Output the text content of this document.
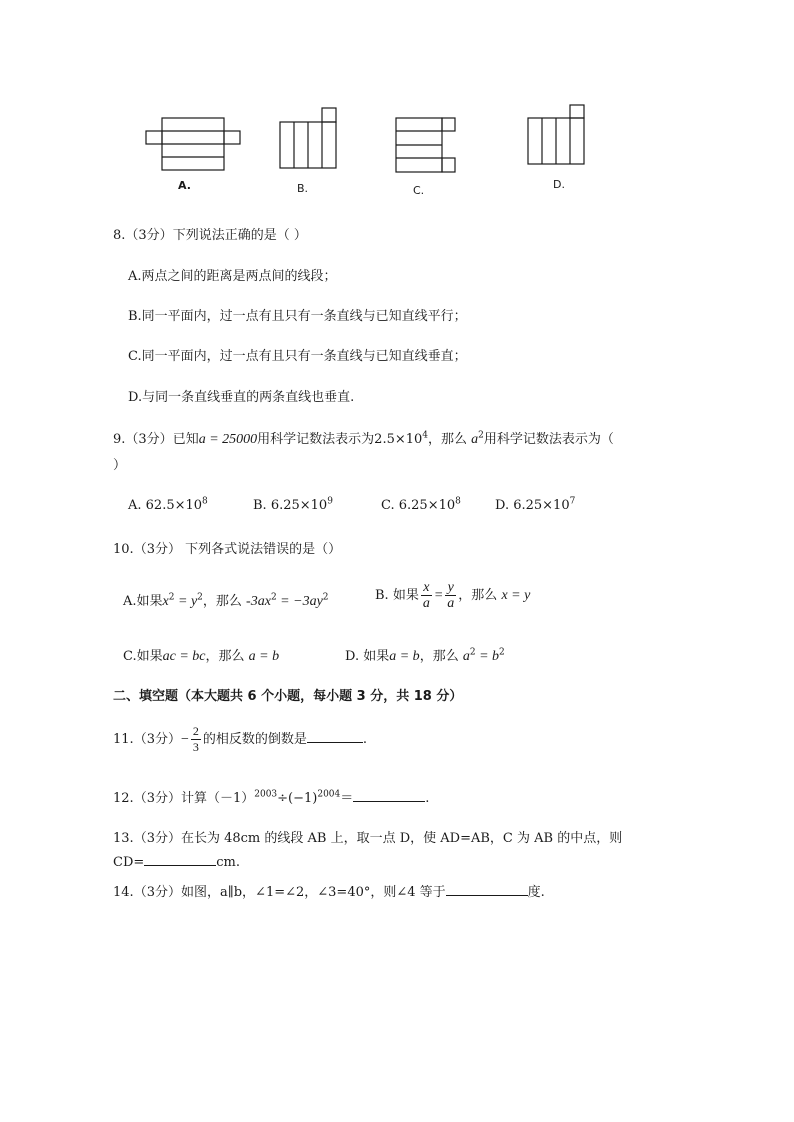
A.	B.	C.	D.
8.（3分）下列说法正确的是（ ）
A.两点之间的距离是两点间的线段；
B.同一平面内，过一点有且只有一条直线与已知直线平行；
C.同一平面内，过一点有且只有一条直线与已知直线垂直；
D.与同一条直线垂直的两条直线也垂直.
9.（3分）已知a = 25000用科学记数法表示为$2.5\times 10^4$，那么 $a^2$用科学记数法表示为（
）
A. $62.5\times 10^8$	B. $6.25\times 10^9$	C. $6.25\times 10^8$	D. $6.25\times 10^7$
10.（3分） 下列各式说法错误的是（）
A.如果$x^2 = y^2$，那么 $-3ax^2 = -3ay^2$	B. 如果 $\frac{x}{a} = \frac{y}{a}$ ，那么 x = y
C.如果ac = bc，那么 a = b	D. 如果a = b，那么 $a^2 = b^2$
二、填空题（本大题共 6 个小题，每小题 3 分，共 18 分）
11.（3分）− $\frac{2}{3}$ 的相反数的倒数是	.
12.（3分）计算$(-1)^{2003}\div(-1)^{2004}=$	.
13.（3分）在长为 48cm 的线段 AB 上，取一点 D，使 AD=AB，C 为 AB 的中点，则
CD=	cm.
14.（3分）如图，a∥b，∠1=∠2，∠3=40°，则∠4 等于	度.
